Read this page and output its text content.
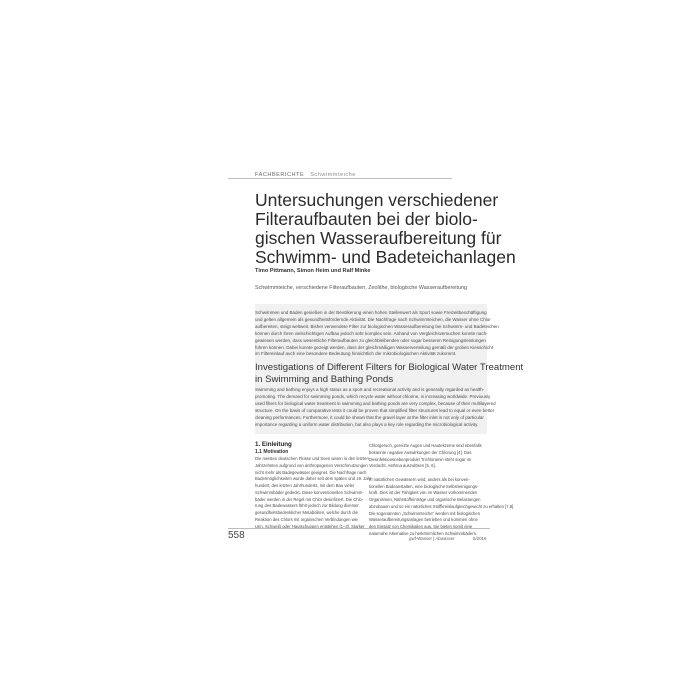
FACHBERICHTE Schwimmteiche
Untersuchungen verschiedener
Filteraufbauten bei der biolo-
gischen Wasseraufbereitung für
Schwimm- und Badeteichanlagen
Timo Pittmann, Simon Heim und Ralf Minke
Schwimmteiche, verschiedene Filteraufbauten, Zeolithe, biologische Wasseraufbereitung
Schwimmen und Baden genießen in der Bevölkerung einen hohen Stellenwert als Sport sowie Freizeitbeschäftigung
und gelten allgemein als gesundheitsfördernde Aktivität. Die Nachfrage nach Schwimmteichen, die Wasser ohne Chlor
aufbereiten, steigt weltweit. Bisher verwendete Filter zur biologischen Wasseraufbereitung bei Schwimm- und Badeteichen
können durch ihren vielschichtigen Aufbau jedoch sehr komplex sein. Anhand von Vergleichsversuchen konnte nach-
gewiesen werden, dass wesentliche Filteraufbauten zu gleichbleibenden oder sogar besseren Reinigungsleistungen
führen können. Dabei konnte gezeigt werden, dass der gleichmäßigen Wasserverteilung gemäß der groben Kiesschicht
im Filtereinlauf auch eine besondere Bedeutung hinsichtlich der mikrobiologischen Aktivität zukommt.
Investigations of Different Filters for Biological Water Treatment
in Swimming and Bathing Ponds
Swimming and bathing enjoys a high status as a sport and recreational activity and is generally regarded as health-
promoting. The demand for swimming ponds, which recycle water without chlorine, is increasing worldwide. Previously
used filters for biological water treatment in swimming and bathing ponds are very complex, because of their multilayered
structure. On the basis of comparative tests it could be proven that simplified filter structures lead to equal or even better
cleaning performances. Furthermore, it could be shown that the gravel layer at the filter inlet is not only of particular
importance regarding a uniform water distribution, but also plays a key role regarding the microbiological activity.
1. Einleitung
1.1 Motivation
Die meisten deutschen Flüsse und Seen waren in den letzten
Jahrzehnten aufgrund von anthropogenen Verschmutzungen
nicht mehr als Badegewässer geeignet. Die Nachfrage nach
Badermöglichkeiten wurde daher seit dem späten und 19. Jahr-
hundert, des letzten Jahrhunderts, mit dem Bau vieler
Schwimmbäder gedeckt. Diese konventionellen Schwimm-
bäder werden in der Regel mit Chlor desinfiziert. Die Chlo-
rung des Badewassers führt jedoch zur Bildung diverser
gesundheitsbedenklicher Metaboliten, welche durch die
Reaktion des Chlors mit organischen Verbindungen wie
Urin, Schweiß oder Hautschuppen entstehen [1–3]. Starker
Chlorgeruch, gereizte Augen und Hautekzeme sind ebenfalls
bekannte negative Auswirkungen der Chlorung [4]. Das
Desinfektionsnebenprodukt Trichloramin steht sogar im
Verdacht, Asthma auszulösen [5, 6].

In natürlichen Gewässern wird, anders als bei konven-
tionellen Badeanstalten, eine biologische Selbstreinigungs-
kraft. Dies ist der Fähigkeit von im Wasser vorkommenden
Organismen, Nährstoffeinträge und organische Belastungen
abzubauen und so ein natürliches Stoffkreislaufgleichgewicht zu erhalten [7,8].
Die sogenannten „Schwimmteiche“ werden mit biologischen
Wasseraufbereitungsanlagen betrieben und kommen ohne
den Einsatz von Chemikalien aus. Sie bieten somit eine
naturnahe Alternative zu herkömmlichen Schwimmbädern.
558	gwf-Wasser | Abwasser	5/2016
